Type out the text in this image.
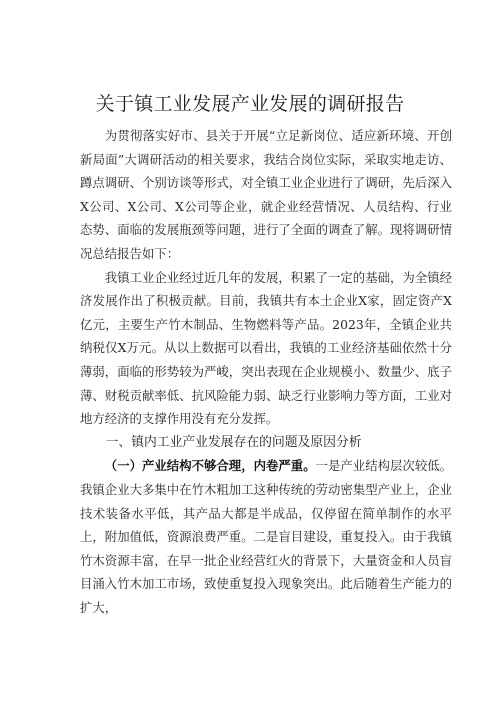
关于镇工业发展产业发展的调研报告

为贯彻落实好市、县关于开展“立足新岗位、适应新环境、开创新局面”大调研活动的相关要求，我结合岗位实际，采取实地走访、蹲点调研、个别访谈等形式，对全镇工业企业进行了调研，先后深入X公司、X公司、X公司等企业，就企业经营情况、人员结构、行业态势、面临的发展瓶颈等问题，进行了全面的调查了解。现将调研情况总结报告如下：

我镇工业企业经过近几年的发展，积累了一定的基础，为全镇经济发展作出了积极贡献。目前，我镇共有本土企业X家，固定资产X亿元，主要生产竹木制品、生物燃料等产品。2023年，全镇企业共纳税仅X万元。从以上数据可以看出，我镇的工业经济基础依然十分薄弱，面临的形势较为严峻，突出表现在企业规模小、数量少、底子薄、财税贡献率低、抗风险能力弱、缺乏行业影响力等方面，工业对地方经济的支撑作用没有充分发挥。

一、镇内工业产业发展存在的问题及原因分析

（一）产业结构不够合理，内卷严重。一是产业结构层次较低。我镇企业大多集中在竹木粗加工这种传统的劳动密集型产业上，企业技术装备水平低，其产品大都是半成品，仅停留在简单制作的水平上，附加值低，资源浪费严重。二是盲目建设，重复投入。由于我镇竹木资源丰富，在早一批企业经营红火的背景下，大量资金和人员盲目涌入竹木加工市场，致使重复投入现象突出。此后随着生产能力的扩大，
